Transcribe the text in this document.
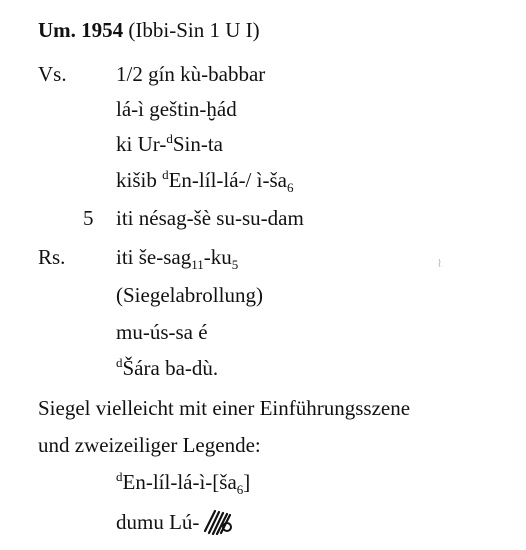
Um. 1954 (Ibbi-Sin 1 U I)
Vs. 1/2 gín kù-babbar
lá-ì geštin-ḫád
ki Ur-$^d$Sin-ta
kišib $^d$En-líl-lá-/ $ì-ša_6$
5 iti nésag-šè su-su-dam
Rs. iti $še-sag_{11}-ku_5$
(Siegelabrollung)
mu-ús-sa é
$^d$Šára ba-dù.
Siegel vielleicht mit einer Einführungsszene
und zweizeiliger Legende:
$^dEn-líl-lá-ì-[ša_6]$
dumu Lú-
